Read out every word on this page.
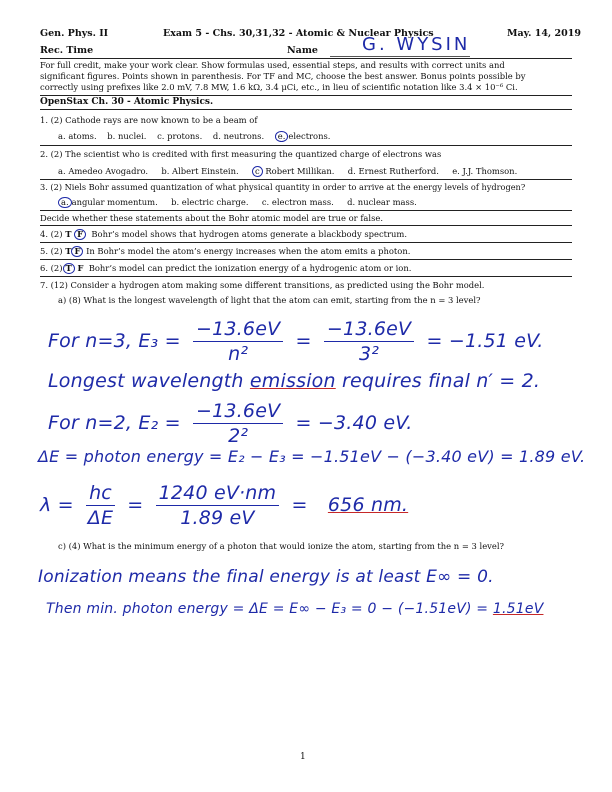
Gen. Phys. II	Exam 5 - Chs. 30,31,32 - Atomic & Nuclear Physics	May. 14, 2019
Rec. Time	Name G. WYSIN
For full credit, make your work clear. Show formulas used, essential steps, and results with correct units and
significant figures. Points shown in parenthesis. For TF and MC, choose the best answer. Bonus points possible by
correctly using prefixes like 2.0 mV, 7.8 MW, 1.6 kΩ, 3.4 μCi, etc., in lieu of scientific notation like 3.4 × 10⁻⁶ Ci.
OpenStax Ch. 30 - Atomic Physics.
1. (2) Cathode rays are now known to be a beam of
a. atoms. b. nuclei. c. protons. d. neutrons. e. electrons.
2. (2) The scientist who is credited with first measuring the quantized charge of electrons was
a. Amedeo Avogadro. b. Albert Einstein. c Robert Millikan. d. Ernest Rutherford. e. J.J. Thomson.
3. (2) Niels Bohr assumed quantization of what physical quantity in order to arrive at the energy levels of hydrogen?
a. angular momentum. b. electric charge. c. electron mass. d. nuclear mass.
Decide whether these statements about the Bohr atomic model are true or false.
4. (2) T F Bohr’s model shows that hydrogen atoms generate a blackbody spectrum.
5. (2) T F In Bohr’s model the atom’s energy increases when the atom emits a photon.
6. (2) T F Bohr’s model can predict the ionization energy of a hydrogenic atom or ion.
7. (12) Consider a hydrogen atom making some different transitions, as predicted using the Bohr model.
a) (8) What is the longest wavelength of light that the atom can emit, starting from the n = 3 level?
For n=3, $E_3 = \frac{-13.6eV}{\text{n²}} = \frac{-13.6eV}{\text{3²}} = -1.51$ eV.
Longest wavelength emission requires final n′ = 2.
For n=2, $E_2 = \frac{-13.6eV}{\text{2²}} = -3.40$ eV.
ΔE = photon energy = E₂ − E₃ = −1.51eV − (−3.40 eV) = 1.89 eV.
$\lambda = \frac{hc}{\Delta E} = \frac{1240 eV\cdot nm}{1.89 eV} = 656$ nm.
c) (4) What is the minimum energy of a photon that would ionize the atom, starting from the n = 3 level?
Ionization means the final energy is at least E∞ = 0.
Then min. photon energy = ΔE = E∞ − E₃ = 0 − (−1.51eV) = 1.51eV
1
